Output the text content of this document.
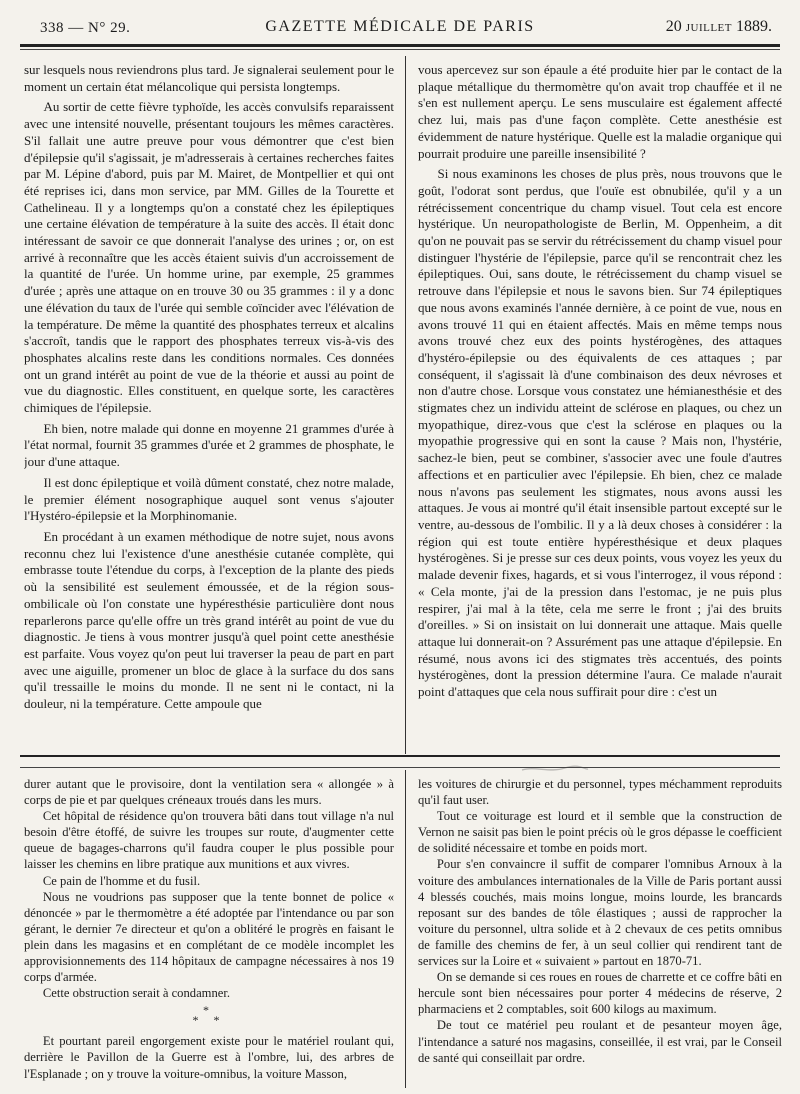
338 — N° 29.	GAZETTE MÉDICALE DE PARIS	20 JUILLET 1889.

sur lesquels nous reviendrons plus tard. Je signalerai seulement pour le moment un certain état mélancolique qui persista longtemps.

Au sortir de cette fièvre typhoïde, les accès convulsifs reparaissent avec une intensité nouvelle, présentant toujours les mêmes caractères. S'il fallait une autre preuve pour vous démontrer que c'est bien d'épilepsie qu'il s'agissait, je m'adresserais à certaines recherches faites par M. Lépine d'abord, puis par M. Mairet, de Montpellier et qui ont été reprises ici, dans mon service, par MM. Gilles de la Tourette et Cathelineau. Il y a longtemps qu'on a constaté chez les épileptiques une certaine élévation de température à la suite des accès. Il était donc intéressant de savoir ce que donnerait l'analyse des urines ; or, on est arrivé à reconnaître que les accès étaient suivis d'un accroissement de la quantité de l'urée. Un homme urine, par exemple, 25 grammes d'urée ; après une attaque on en trouve 30 ou 35 grammes : il y a donc une élévation du taux de l'urée qui semble coïncider avec l'élévation de la température. De même la quantité des phosphates terreux et alcalins s'accroît, tandis que le rapport des phosphates terreux vis-à-vis des phosphates alcalins reste dans les conditions normales. Ces données ont un grand intérêt au point de vue de la théorie et aussi au point de vue du diagnostic. Elles constituent, en quelque sorte, les caractères chimiques de l'épilepsie.

Eh bien, notre malade qui donne en moyenne 21 grammes d'urée à l'état normal, fournit 35 grammes d'urée et 2 grammes de phosphate, le jour d'une attaque.

Il est donc épileptique et voilà dûment constaté, chez notre malade, le premier élément nosographique auquel sont venus s'ajouter l'Hystéro-épilepsie et la Morphinomanie.

En procédant à un examen méthodique de notre sujet, nous avons reconnu chez lui l'existence d'une anesthésie cutanée complète, qui embrasse toute l'étendue du corps, à l'exception de la plante des pieds où la sensibilité est seulement émoussée, et de la région sous-ombilicale où l'on constate une hypéresthésie particulière dont nous reparlerons parce qu'elle offre un très grand intérêt au point de vue du diagnostic. Je tiens à vous montrer jusqu'à quel point cette anesthésie est parfaite. Vous voyez qu'on peut lui traverser la peau de part en part avec une aiguille, promener un bloc de glace à la surface du dos sans qu'il tressaille le moins du monde. Il ne sent ni le contact, ni la douleur, ni la température. Cette ampoule que

vous apercevez sur son épaule a été produite hier par le contact de la plaque métallique du thermomètre qu'on avait trop chauffée et il ne s'en est nullement aperçu. Le sens musculaire est également affecté chez lui, mais pas d'une façon complète. Cette anesthésie est évidemment de nature hystérique. Quelle est la maladie organique qui pourrait produire une pareille insensibilité ?

Si nous examinons les choses de plus près, nous trouvons que le goût, l'odorat sont perdus, que l'ouïe est obnubilée, qu'il y a un rétrécissement concentrique du champ visuel. Tout cela est encore hystérique. Un neuropathologiste de Berlin, M. Oppenheim, a dit qu'on ne pouvait pas se servir du rétrécissement du champ visuel pour distinguer l'hystérie de l'épilepsie, parce qu'il se rencontrait chez les épileptiques. Oui, sans doute, le rétrécissement du champ visuel se retrouve dans l'épilepsie et nous le savons bien. Sur 74 épileptiques que nous avons examinés l'année dernière, à ce point de vue, nous en avons trouvé 11 qui en étaient affectés. Mais en même temps nous avons trouvé chez eux des points hystérogènes, des attaques d'hystéro-épilepsie ou des équivalents de ces attaques ; par conséquent, il s'agissait là d'une combinaison des deux névroses et non d'autre chose. Lorsque vous constatez une hémianesthésie et des stigmates chez un individu atteint de sclérose en plaques, ou chez un myopathique, direz-vous que c'est la sclérose en plaques ou la myopathie progressive qui en sont la cause ? Mais non, l'hystérie, sachez-le bien, peut se combiner, s'associer avec une foule d'autres affections et en particulier avec l'épilepsie. Eh bien, chez ce malade nous n'avons pas seulement les stigmates, nous avons aussi les attaques. Je vous ai montré qu'il était insensible partout excepté sur le ventre, au-dessous de l'ombilic. Il y a là deux choses à considérer : la région qui est toute entière hypéresthésique et deux plaques hystérogènes. Si je presse sur ces deux points, vous voyez les yeux du malade devenir fixes, hagards, et si vous l'interrogez, il vous répond : « Cela monte, j'ai de la pression dans l'estomac, je ne puis plus respirer, j'ai mal à la tête, cela me serre le front ; j'ai des bruits d'oreilles. » Si on insistait on lui donnerait une attaque. Mais quelle attaque lui donnerait-on ? Assurément pas une attaque d'épilepsie. En résumé, nous avons ici des stigmates très accentués, des points hystérogènes, dont la pression détermine l'aura. Ce malade n'aurait point d'attaques que cela nous suffirait pour dire : c'est un

durer autant que le provisoire, dont la ventilation sera « allongée » à corps de pie et par quelques créneaux troués dans les murs.

Cet hôpital de résidence qu'on trouvera bâti dans tout village n'a nul besoin d'être étoffé, de suivre les troupes sur route, d'augmenter cette queue de bagages-charrons qu'il faudra couper le plus possible pour laisser les chemins en libre pratique aux munitions et aux vivres.

Ce pain de l'homme et du fusil.

Nous ne voudrions pas supposer que la tente bonnet de police « dénoncée » par le thermomètre a été adoptée par l'intendance ou par son gérant, le dernier 7e directeur et qu'on a oblitéré le progrès en faisant le plein dans les magasins et en complétant de ce modèle incomplet les approvisionnements des 114 hôpitaux de campagne nécessaires à nos 19 corps d'armée.

Cette obstruction serait à condamner.

*
* *

Et pourtant pareil engorgement existe pour le matériel roulant qui, derrière le Pavillon de la Guerre est à l'ombre, lui, des arbres de l'Esplanade ; on y trouve la voiture-omnibus, la voiture Masson,

les voitures de chirurgie et du personnel, types méchamment reproduits qu'il faut user.

Tout ce voiturage est lourd et il semble que la construction de Vernon ne saisit pas bien le point précis où le gros dépasse le coefficient de solidité nécessaire et tombe en poids mort.

Pour s'en convaincre il suffit de comparer l'omnibus Arnoux à la voiture des ambulances internationales de la Ville de Paris portant aussi 4 blessés couchés, mais moins longue, moins lourde, les brancards reposant sur des bandes de tôle élastiques ; aussi de rapprocher la voiture du personnel, ultra solide et à 2 chevaux de ces petits omnibus de famille des chemins de fer, à un seul collier qui rendirent tant de services sur la Loire et « suivaient » partout en 1870-71.

On se demande si ces roues en roues de charrette et ce coffre bâti en hercule sont bien nécessaires pour porter 4 médecins de réserve, 2 pharmaciens et 2 comptables, soit 600 kilogs au maximum.

De tout ce matériel peu roulant et de pesanteur moyen âge, l'intendance a saturé nos magasins, conseillée, il est vrai, par le Conseil de santé qui conseillait par ordre.
